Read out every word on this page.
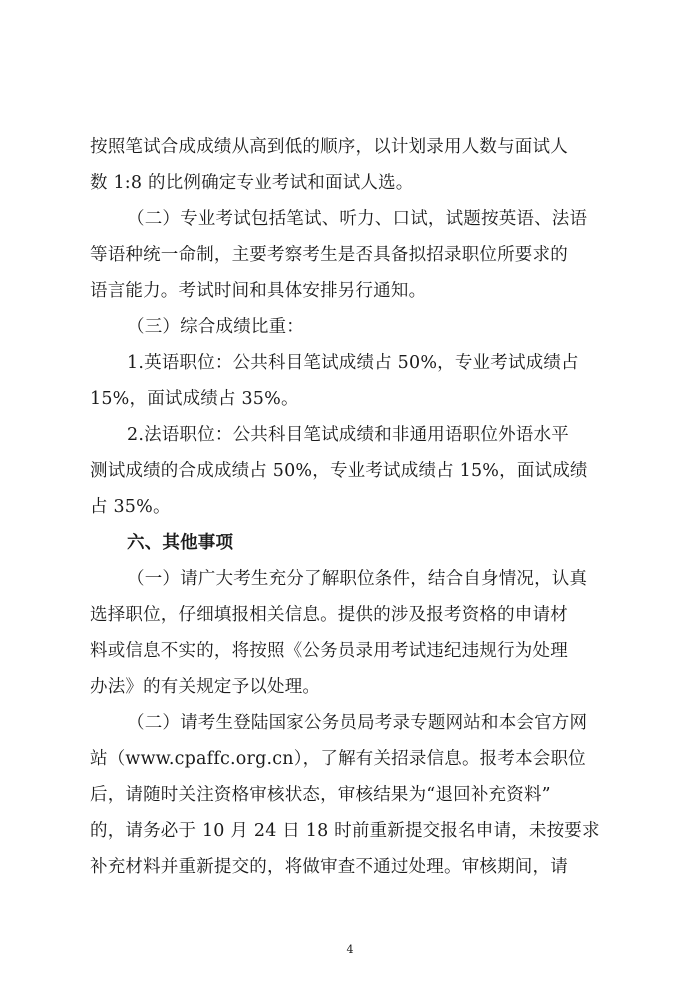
按照笔试合成成绩从高到低的顺序，以计划录用人数与面试人
数 1:8 的比例确定专业考试和面试人选。
（二）专业考试包括笔试、听力、口试，试题按英语、法语
等语种统一命制，主要考察考生是否具备拟招录职位所要求的
语言能力。考试时间和具体安排另行通知。
（三）综合成绩比重：
1.英语职位：公共科目笔试成绩占 50%，专业考试成绩占
15%，面试成绩占 35%。
2.法语职位：公共科目笔试成绩和非通用语职位外语水平
测试成绩的合成成绩占 50%，专业考试成绩占 15%，面试成绩
占 35%。
六、其他事项
（一）请广大考生充分了解职位条件，结合自身情况，认真
选择职位，仔细填报相关信息。提供的涉及报考资格的申请材
料或信息不实的，将按照《公务员录用考试违纪违规行为处理
办法》的有关规定予以处理。
（二）请考生登陆国家公务员局考录专题网站和本会官方网
站（www.cpaffc.org.cn），了解有关招录信息。报考本会职位
后，请随时关注资格审核状态，审核结果为“退回补充资料”
的，请务必于 10 月 24 日 18 时前重新提交报名申请，未按要求
补充材料并重新提交的，将做审查不通过处理。审核期间，请
4
